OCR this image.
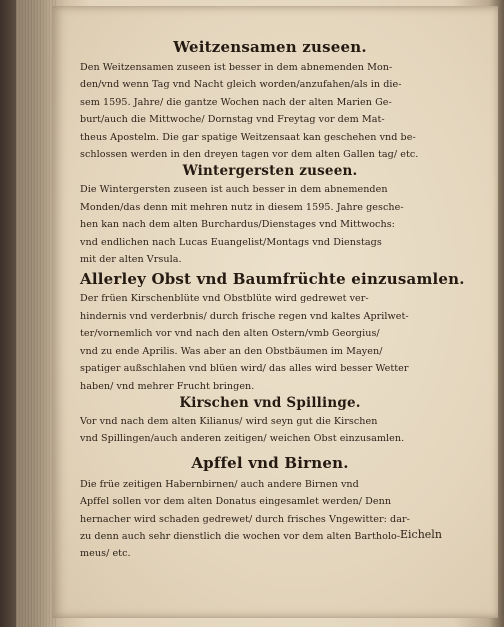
Weitzensamen zuseen.

Den Weitzensamen zuseen ist besser in dem abnemenden Mon-
den/vnd wenn Tag vnd Nacht gleich worden/anzufahen/als in die-
sem 1595. Jahre/ die gantze Wochen nach der alten Marien Ge-
burt/auch die Mittwoche/ Dornstag vnd Freytag vor dem Mat-
theus Apostelm. Die gar spatige Weitzensaat kan geschehen vnd be-
schlossen werden in den dreyen tagen vor dem alten Gallen tag/ etc.

Wintergersten zuseen.

Die Wintergersten zuseen ist auch besser in dem abnemenden
Monden/das denn mit mehren nutz in diesem 1595. Jahre gesche-
hen kan nach dem alten Burchardus/Dienstages vnd Mittwochs:
vnd endlichen nach Lucas Euangelist/Montags vnd Dienstags
mit der alten Vrsula.

Allerley Obst vnd Baumfrüchte einzusamlen.

Der früen Kirschenblüte vnd Obstblüte wird gedrewet ver-
hindernis vnd verderbnis/ durch frische regen vnd kaltes Aprilwet-
ter/vornemlich vor vnd nach den alten Ostern/vmb Georgius/
vnd zu ende Aprilis. Was aber an den Obstbäumen im Mayen/
spatiger außschlahen vnd blüen wird/ das alles wird besser Wetter
haben/ vnd mehrer Frucht bringen.

Kirschen vnd Spillinge.

Vor vnd nach dem alten Kilianus/ wird seyn gut die Kirschen
vnd Spillingen/auch anderen zeitigen/ weichen Obst einzusamlen.

Apffel vnd Birnen.

Die früe zeitigen Habernbirnen/ auch andere Birnen vnd
Apffel sollen vor dem alten Donatus eingesamlet werden/ Denn
hernacher wird schaden gedrewet/ durch frisches Vngewitter: dar-
zu denn auch sehr dienstlich die wochen vor dem alten Bartholo-
meus/ etc.

Eicheln
